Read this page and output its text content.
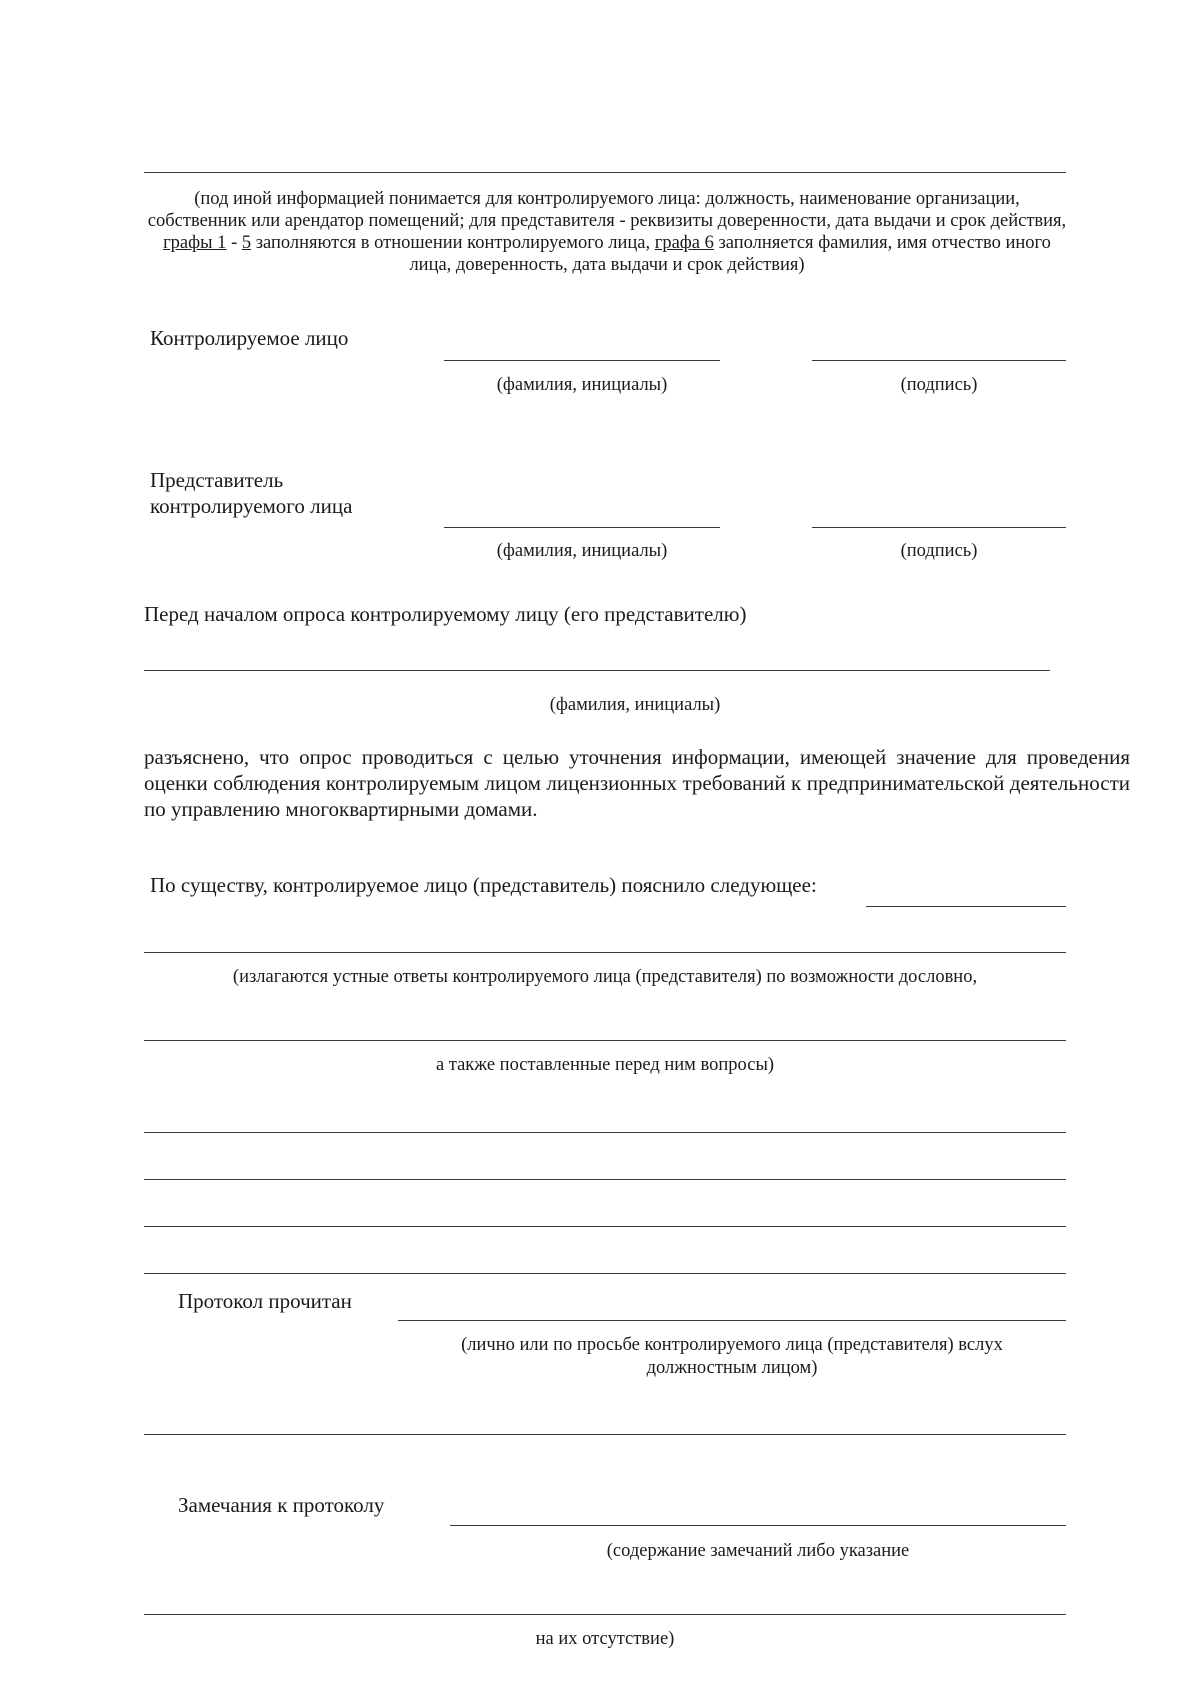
(под иной информацией понимается для контролируемого лица: должность, наименование организации, собственник или арендатор помещений; для представителя - реквизиты доверенности, дата выдачи и срок действия, графы 1 - 5 заполняются в отношении контролируемого лица, графа 6 заполняется фамилия, имя отчество иного лица, доверенность, дата выдачи и срок действия)
Контролируемое лицо
(фамилия, инициалы)	(подпись)
Представитель
контролируемого лица
(фамилия, инициалы)	(подпись)
Перед началом опроса контролируемому лицу (его представителю)
(фамилия, инициалы)
разъяснено, что опрос проводиться с целью уточнения информации, имеющей значение для проведения оценки соблюдения контролируемым лицом лицензионных требований к предпринимательской деятельности по управлению многоквартирными домами.
По существу, контролируемое лицо (представитель) пояснило следующее:
(излагаются устные ответы контролируемого лица (представителя) по возможности дословно,
а также поставленные перед ним вопросы)
Протокол прочитан
(лично или по просьбе контролируемого лица (представителя) вслух
должностным лицом)
Замечания к протоколу
(содержание замечаний либо указание
на их отсутствие)
